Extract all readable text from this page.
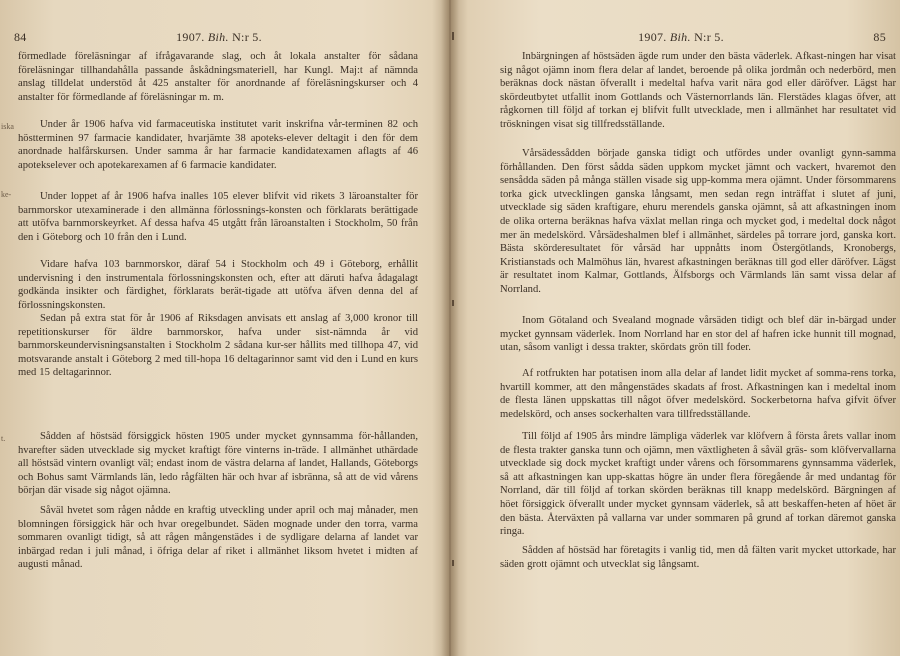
84	1907. Bih. N:r 5.
iska
ke-
t.

förmedlade föreläsningar af ifrågavarande slag, och åt lokala anstalter för sådana föreläsningar tillhandahålla passande åskådningsmateriell, har Kungl. Maj:t af nämnda anslag tilldelat understöd åt 425 anstalter för anordnande af föreläsningskurser och 4 anstalter för förmedlande af föreläsningar m. m.

Under år 1906 hafva vid farmaceutiska institutet varit inskrifna vår-terminen 82 och höstterminen 97 farmacie kandidater, hvarjämte 38 apoteks-elever deltagit i den för dem anordnade halfårskursen. Under samma år har farmacie kandidatexamen aflagts af 46 apotekselever och apotekarexamen af 6 farmacie kandidater.

Under loppet af år 1906 hafva inalles 105 elever blifvit vid rikets 3 läroanstalter för barnmorskor utexaminerade i den allmänna förlossnings-konsten och förklarats berättigade att utöfva barnmorskeyrket. Af dessa hafva 45 utgått från läroanstalten i Stockholm, 50 från den i Göteborg och 10 från den i Lund.

Vidare hafva 103 barnmorskor, däraf 54 i Stockholm och 49 i Göteborg, erhållit undervisning i den instrumentala förlossningskonsten och, efter att däruti hafva ådagalagt godkända insikter och färdighet, förklarats berät-tigade att utöfva äfven denna del af förlossningskonsten.

Sedan på extra stat för år 1906 af Riksdagen anvisats ett anslag af 3,000 kronor till repetitionskurser för äldre barnmorskor, hafva under sist-nämnda år vid barnmorskeundervisningsanstalten i Stockholm 2 sådana kur-ser hållits med tillhopa 47, vid motsvarande anstalt i Göteborg 2 med till-hopa 16 deltagarinnor samt vid den i Lund en kurs med 15 deltagarinnor.

Sådden af höstsäd försiggick hösten 1905 under mycket gynnsamma för-hållanden, hvarefter säden utvecklade sig mycket kraftigt före vinterns in-träde. I allmänhet uthärdade all höstsäd vintern ovanligt väl; endast inom de västra delarna af landet, Hallands, Göteborgs och Bohus samt Värmlands län, ledo rågfälten här och hvar af isbränna, så att de vid vårens början där visade sig något ojämna.

Såväl hvetet som rågen nådde en kraftig utveckling under april och maj månader, men blomningen försiggick här och hvar oregelbundet. Säden mognade under den torra, varma sommaren ovanligt tidigt, så att rågen mångenstädes i de sydligare delarna af landet var inbärgad redan i juli månad, i öfriga delar af riket i allmänhet liksom hvetet i midten af augusti månad.

1907. Bih. N:r 5.	85

Inbärgningen af höstsäden ägde rum under den bästa väderlek. Afkast-ningen har visat sig något ojämn inom flera delar af landet, beroende på olika jordmån och nederbörd, men beräknas dock nästan öfverallt i medeltal hafva varit nära god eller däröfver. Lägst har skördeutbytet utfallit inom Gottlands och Västernorrlands län. Flerstädes klagas öfver, att rågkornen till följd af torkan ej blifvit fullt utvecklade, men i allmänhet har resultatet vid tröskningen visat sig tillfredsställande.

Vårsädessådden började ganska tidigt och utfördes under ovanligt gynn-samma förhållanden. Den först sådda säden uppkom mycket jämnt och vackert, hvaremot den sensådda säden på många ställen visade sig upp-komma mera ojämnt. Under försommarens torka gick utvecklingen ganska långsamt, men sedan regn inträffat i slutet af juni, utvecklade sig säden kraftigare, ehuru merendels ganska ojämnt, så att afkastningen inom de olika orterna beräknas hafva växlat mellan ringa och mycket god, i medeltal dock något mer än medelskörd. Vårsädeshalmen blef i allmänhet, särdeles på torrare jord, ganska kort. Bästa skörderesultatet för vårsäd har uppnåtts inom Östergötlands, Kronobergs, Kristianstads och Malmöhus län, hvarest afkastningen beräknas till god eller däröfver. Lägst är resultatet inom Kalmar, Gottlands, Älfsborgs och Värmlands län samt vissa delar af Norrland.

Inom Götaland och Svealand mognade vårsäden tidigt och blef där in-bärgad under mycket gynnsam väderlek. Inom Norrland har en stor del af hafren icke hunnit till mognad, utan, såsom vanligt i dessa trakter, skördats grön till foder.

Af rotfrukten har potatisen inom alla delar af landet lidit mycket af somma-rens torka, hvartill kommer, att den mångenstädes skadats af frost. Afkastningen kan i medeltal inom de flesta länen uppskattas till något öfver medelskörd. Sockerbetorna hafva gifvit öfver medelskörd, och anses sockerhalten vara tillfredsställande.

Till följd af 1905 års mindre lämpliga väderlek var klöfvern å första årets vallar inom de flesta trakter ganska tunn och ojämn, men växtligheten å såväl gräs- som klöfvervallarna utvecklade sig dock mycket kraftigt under vårens och försommarens gynnsamma väderlek, så att afkastningen kan upp-skattas högre än under flera föregående år med undantag för Norrland, där till följd af torkan skörden beräknas till knapp medelskörd. Bärgningen af höet försiggick öfverallt under mycket gynnsam väderlek, så att beskaffen-heten af höet är den bästa. Återväxten på vallarna var under sommaren på grund af torkan däremot ganska ringa.

Sådden af höstsäd har företagits i vanlig tid, men då fälten varit mycket uttorkade, har säden grott ojämnt och utvecklat sig långsamt.
